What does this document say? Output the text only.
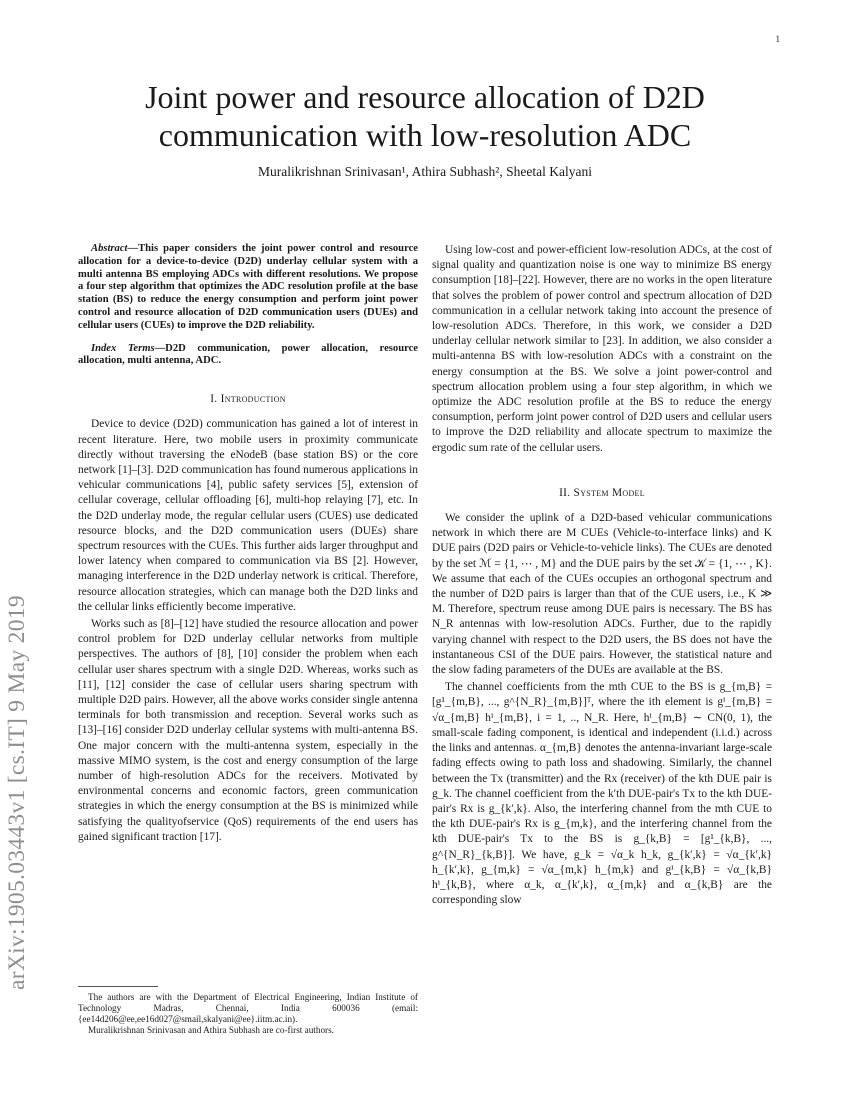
1
arXiv:1905.03443v1 [cs.IT] 9 May 2019
Joint power and resource allocation of D2D
communication with low-resolution ADC
Muralikrishnan Srinivasan¹, Athira Subhash², Sheetal Kalyani

Abstract—This paper considers the joint power control and resource allocation for a device-to-device (D2D) underlay cellular system with a multi antenna BS employing ADCs with different resolutions. We propose a four step algorithm that optimizes the ADC resolution profile at the base station (BS) to reduce the energy consumption and perform joint power control and resource allocation of D2D communication users (DUEs) and cellular users (CUEs) to improve the D2D reliability.

Index Terms—D2D communication, power allocation, resource allocation, multi antenna, ADC.

I. Introduction

Device to device (D2D) communication has gained a lot of interest in recent literature. Here, two mobile users in proximity communicate directly without traversing the eNodeB (base station BS) or the core network [1]–[3]. D2D communication has found numerous applications in vehicular communications [4], public safety services [5], extension of cellular coverage, cellular offloading [6], multi-hop relaying [7], etc. In the D2D underlay mode, the regular cellular users (CUES) use dedicated resource blocks, and the D2D communication users (DUEs) share spectrum resources with the CUEs. This further aids larger throughput and lower latency when compared to communication via BS [2]. However, managing interference in the D2D underlay network is critical. Therefore, resource allocation strategies, which can manage both the D2D links and the cellular links efficiently become imperative.

Works such as [8]–[12] have studied the resource allocation and power control problem for D2D underlay cellular networks from multiple perspectives. The authors of [8], [10] consider the problem when each cellular user shares spectrum with a single D2D. Whereas, works such as [11], [12] consider the case of cellular users sharing spectrum with multiple D2D pairs. However, all the above works consider single antenna terminals for both transmission and reception. Several works such as [13]–[16] consider D2D underlay cellular systems with multi-antenna BS. One major concern with the multi-antenna system, especially in the massive MIMO system, is the cost and energy consumption of the large number of high-resolution ADCs for the receivers. Motivated by environmental concerns and economic factors, green communication strategies in which the energy consumption at the BS is minimized while satisfying the qualityofservice (QoS) requirements of the end users has gained significant traction [17].

The authors are with the Department of Electrical Engineering, Indian Institute of Technology Madras, Chennai, India 600036 (email:{ee14d206@ee,ee16d027@smail,skalyani@ee}.iitm.ac.in).

Muralikrishnan Srinivasan and Athira Subhash are co-first authors.

Using low-cost and power-efficient low-resolution ADCs, at the cost of signal quality and quantization noise is one way to minimize BS energy consumption [18]–[22]. However, there are no works in the open literature that solves the problem of power control and spectrum allocation of D2D communication in a cellular network taking into account the presence of low-resolution ADCs. Therefore, in this work, we consider a D2D underlay cellular network similar to [23]. In addition, we also consider a multi-antenna BS with low-resolution ADCs with a constraint on the energy consumption at the BS. We solve a joint power-control and spectrum allocation problem using a four step algorithm, in which we optimize the ADC resolution profile at the BS to reduce the energy consumption, perform joint power control of D2D users and cellular users to improve the D2D reliability and allocate spectrum to maximize the ergodic sum rate of the cellular users.

II. System Model

We consider the uplink of a D2D-based vehicular communications network in which there are M CUEs (Vehicle-to-interface links) and K DUE pairs (D2D pairs or Vehicle-to-vehicle links). The CUEs are denoted by the set ℳ = {1, ⋯ , M} and the DUE pairs by the set 𝒦 = {1, ⋯ , K}. We assume that each of the CUEs occupies an orthogonal spectrum and the number of D2D pairs is larger than that of the CUE users, i.e., K ≫ M. Therefore, spectrum reuse among DUE pairs is necessary. The BS has N_R antennas with low-resolution ADCs. Further, due to the rapidly varying channel with respect to the D2D users, the BS does not have the instantaneous CSI of the DUE pairs. However, the statistical nature and the slow fading parameters of the DUEs are available at the BS.

The channel coefficients from the mth CUE to the BS is g_{m,B} = [g¹_{m,B}, ..., g^{N_R}_{m,B}]ᵀ, where the ith element is gⁱ_{m,B} = √α_{m,B} hⁱ_{m,B}, i = 1, .., N_R. Here, hⁱ_{m,B} ∼ CN(0, 1), the small-scale fading component, is identical and independent (i.i.d.) across the links and antennas. α_{m,B} denotes the antenna-invariant large-scale fading effects owing to path loss and shadowing. Similarly, the channel between the Tx (transmitter) and the Rx (receiver) of the kth DUE pair is g_k. The channel coefficient from the k′th DUE-pair's Tx to the kth DUE-pair's Rx is g_{k′,k}. Also, the interfering channel from the mth CUE to the kth DUE-pair's Rx is g_{m,k}, and the interfering channel from the kth DUE-pair's Tx to the BS is g_{k,B} = [g¹_{k,B}, ..., g^{N_R}_{k,B}]. We have, g_k = √α_k h_k, g_{k′,k} = √α_{k′,k} h_{k′,k}, g_{m,k} = √α_{m,k} h_{m,k} and gⁱ_{k,B} = √α_{k,B} hⁱ_{k,B}, where α_k, α_{k′,k}, α_{m,k} and α_{k,B} are the corresponding slow
